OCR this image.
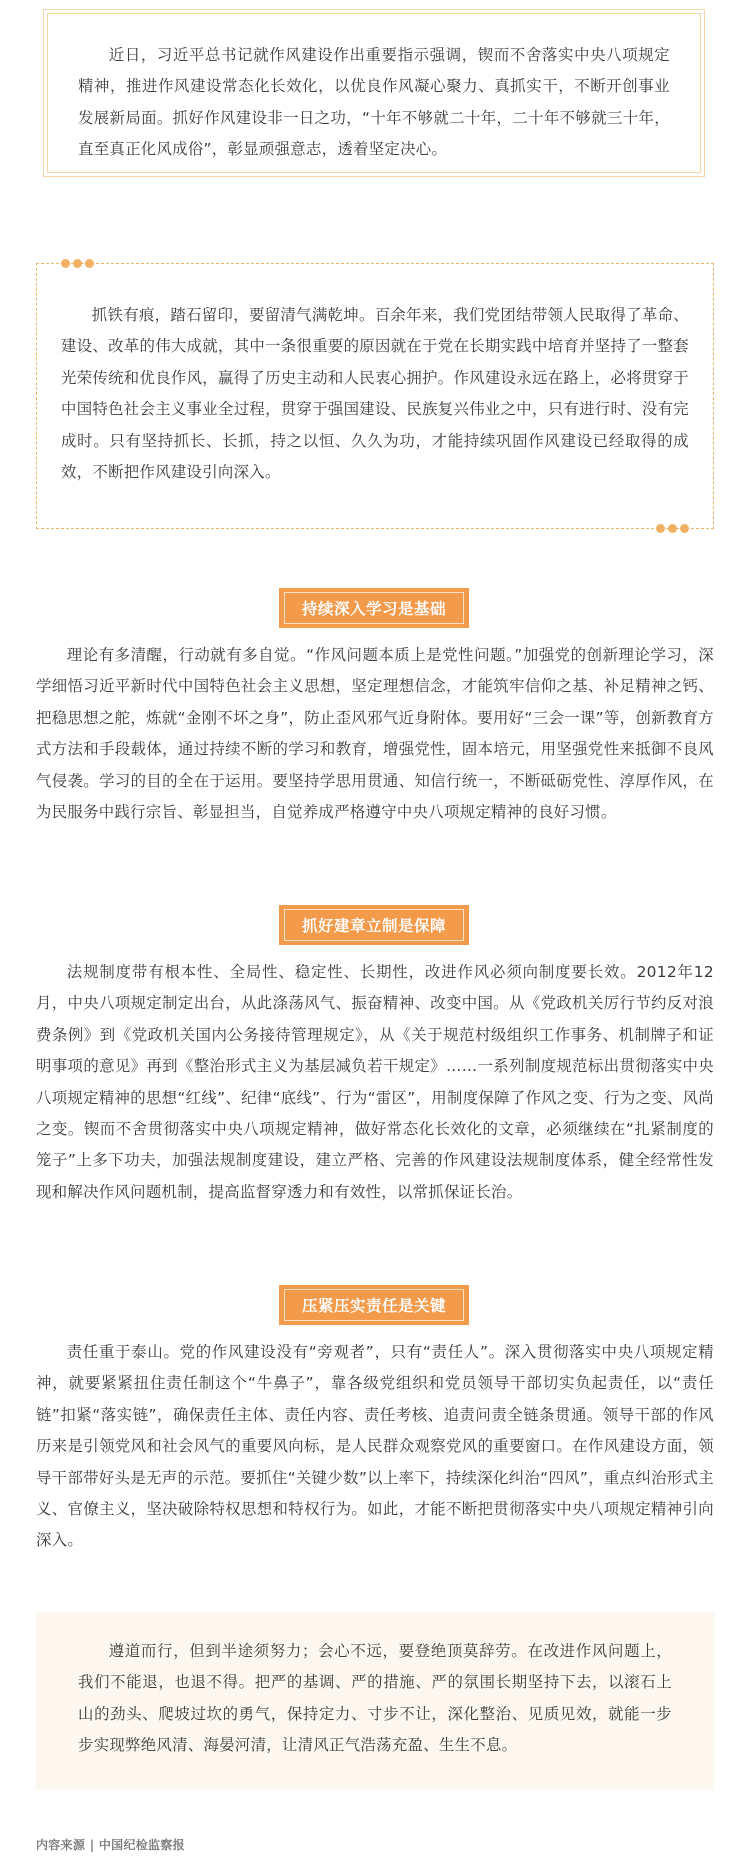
近日，习近平总书记就作风建设作出重要指示强调，锲而不舍落实中央八项规定精神，推进作风建设常态化长效化，以优良作风凝心聚力、真抓实干，不断开创事业发展新局面。抓好作风建设非一日之功，“十年不够就二十年，二十年不够就三十年，直至真正化风成俗”，彰显顽强意志，透着坚定决心。

抓铁有痕，踏石留印，要留清气满乾坤。百余年来，我们党团结带领人民取得了革命、建设、改革的伟大成就，其中一条很重要的原因就在于党在长期实践中培育并坚持了一整套光荣传统和优良作风，赢得了历史主动和人民衷心拥护。作风建设永远在路上，必将贯穿于中国特色社会主义事业全过程，贯穿于强国建设、民族复兴伟业之中，只有进行时、没有完成时。只有坚持抓长、长抓，持之以恒、久久为功，才能持续巩固作风建设已经取得的成效，不断把作风建设引向深入。

持续深入学习是基础

理论有多清醒，行动就有多自觉。“作风问题本质上是党性问题。”加强党的创新理论学习，深学细悟习近平新时代中国特色社会主义思想，坚定理想信念，才能筑牢信仰之基、补足精神之钙、把稳思想之舵，炼就“金刚不坏之身”，防止歪风邪气近身附体。要用好“三会一课”等，创新教育方式方法和手段载体，通过持续不断的学习和教育，增强党性，固本培元，用坚强党性来抵御不良风气侵袭。学习的目的全在于运用。要坚持学思用贯通、知信行统一，不断砥砺党性、淳厚作风，在为民服务中践行宗旨、彰显担当，自觉养成严格遵守中央八项规定精神的良好习惯。

抓好建章立制是保障

法规制度带有根本性、全局性、稳定性、长期性，改进作风必须向制度要长效。2012年12月，中央八项规定制定出台，从此涤荡风气、振奋精神、改变中国。从《党政机关厉行节约反对浪费条例》到《党政机关国内公务接待管理规定》，从《关于规范村级组织工作事务、机制牌子和证明事项的意见》再到《整治形式主义为基层减负若干规定》……一系列制度规范标出贯彻落实中央八项规定精神的思想“红线”、纪律“底线”、行为“雷区”，用制度保障了作风之变、行为之变、风尚之变。锲而不舍贯彻落实中央八项规定精神，做好常态化长效化的文章，必须继续在“扎紧制度的笼子”上多下功夫，加强法规制度建设，建立严格、完善的作风建设法规制度体系，健全经常性发现和解决作风问题机制，提高监督穿透力和有效性，以常抓保证长治。

压紧压实责任是关键

责任重于泰山。党的作风建设没有“旁观者”，只有“责任人”。深入贯彻落实中央八项规定精神，就要紧紧扭住责任制这个“牛鼻子”，靠各级党组织和党员领导干部切实负起责任，以“责任链”扣紧“落实链”，确保责任主体、责任内容、责任考核、追责问责全链条贯通。领导干部的作风历来是引领党风和社会风气的重要风向标，是人民群众观察党风的重要窗口。在作风建设方面，领导干部带好头是无声的示范。要抓住“关键少数”以上率下，持续深化纠治“四风”，重点纠治形式主义、官僚主义，坚决破除特权思想和特权行为。如此，才能不断把贯彻落实中央八项规定精神引向深入。

遵道而行，但到半途须努力；会心不远，要登绝顶莫辞劳。在改进作风问题上，我们不能退，也退不得。把严的基调、严的措施、严的氛围长期坚持下去，以滚石上山的劲头、爬坡过坎的勇气，保持定力、寸步不让，深化整治、见质见效，就能一步步实现弊绝风清、海晏河清，让清风正气浩荡充盈、生生不息。

内容来源 | 中国纪检监察报
